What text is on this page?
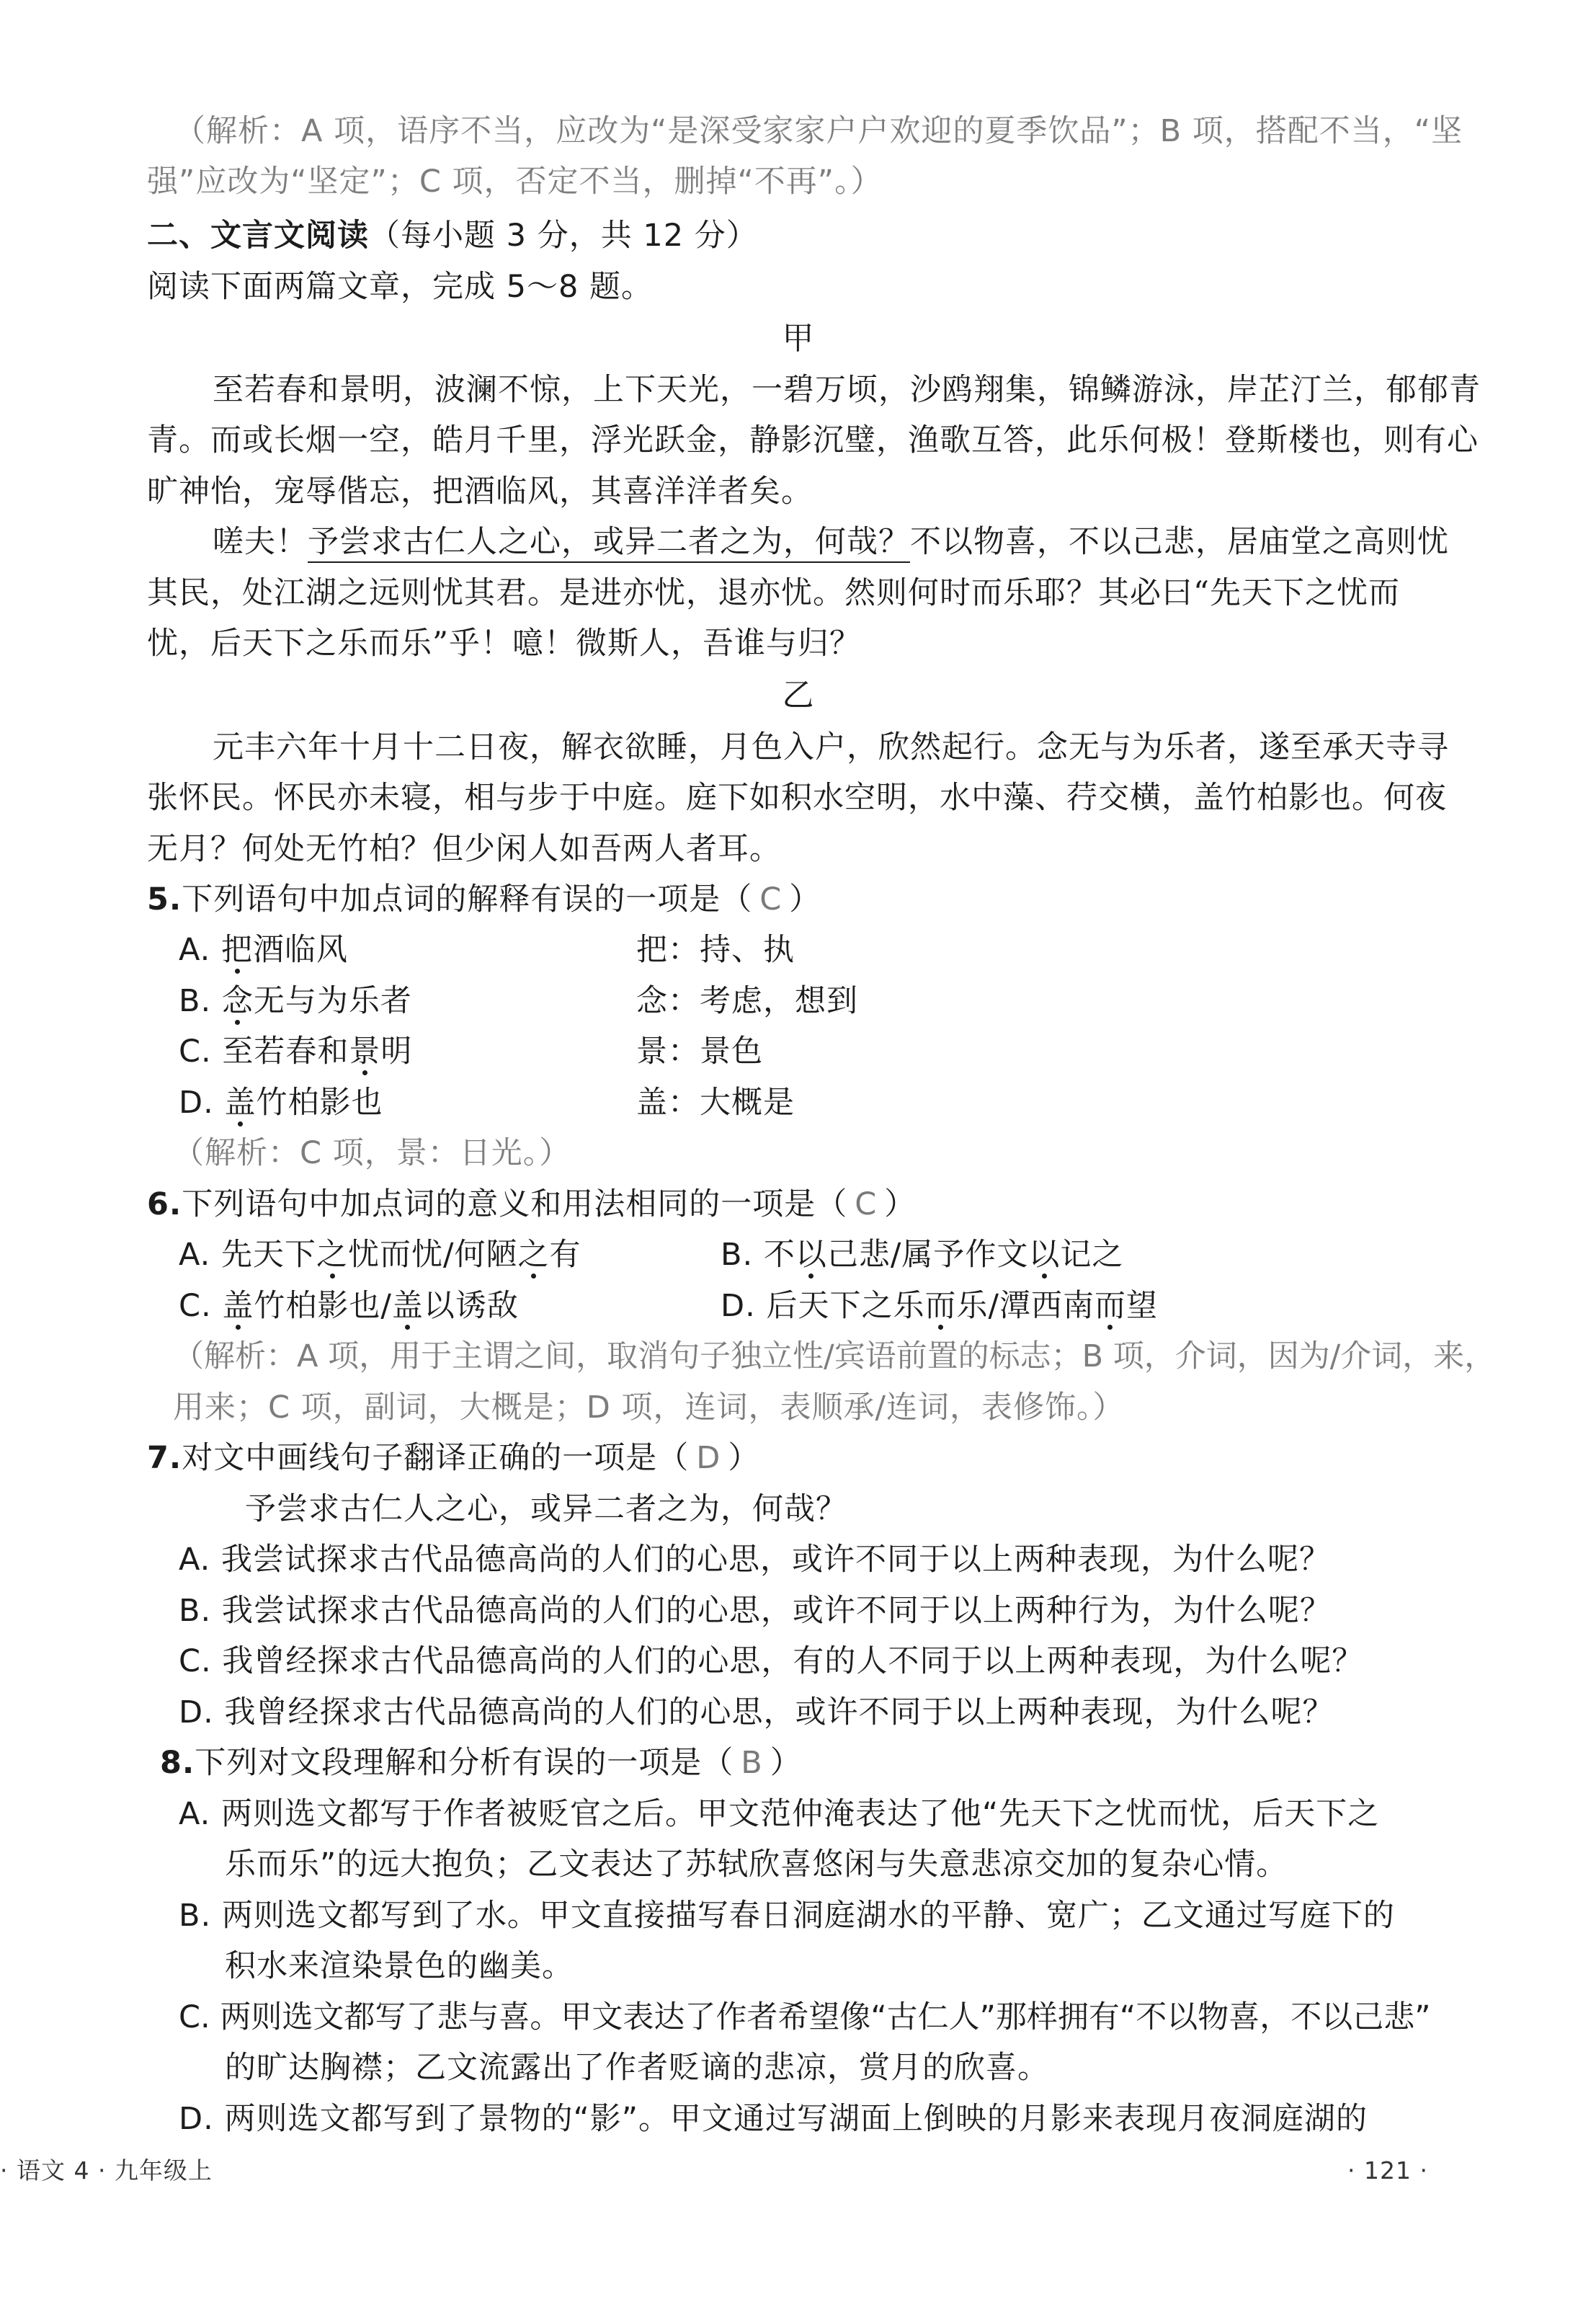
（解析：A 项，语序不当，应改为“是深受家家户户欢迎的夏季饮品”；B 项，搭配不当，“坚
强”应改为“坚定”；C 项，否定不当，删掉“不再”。）
二、文言文阅读（每小题 3 分，共 12 分）
阅读下面两篇文章，完成 5～8 题。
甲
至若春和景明，波澜不惊，上下天光，一碧万顷，沙鸥翔集，锦鳞游泳，岸芷汀兰，郁郁青
青。而或长烟一空，皓月千里，浮光跃金，静影沉璧，渔歌互答，此乐何极！登斯楼也，则有心
旷神怡，宠辱偕忘，把酒临风，其喜洋洋者矣。
嗟夫！予尝求古仁人之心，或异二者之为，何哉？不以物喜，不以己悲，居庙堂之高则忧
其民，处江湖之远则忧其君。是进亦忧，退亦忧。然则何时而乐耶？其必曰“先天下之忧而
忧，后天下之乐而乐”乎！噫！微斯人，吾谁与归？
乙
元丰六年十月十二日夜，解衣欲睡，月色入户，欣然起行。念无与为乐者，遂至承天寺寻
张怀民。怀民亦未寝，相与步于中庭。庭下如积水空明，水中藻、荇交横，盖竹柏影也。何夜
无月？何处无竹柏？但少闲人如吾两人者耳。
5.下列语句中加点词的解释有误的一项是（ C ）
A. 把酒临风	把：持、执
B. 念无与为乐者	念：考虑，想到
C. 至若春和景明	景：景色
D. 盖竹柏影也	盖：大概是
（解析：C 项，景：日光。）
6.下列语句中加点词的意义和用法相同的一项是（ C ）
A. 先天下之忧而忧/何陋之有	B. 不以己悲/属予作文以记之
C. 盖竹柏影也/盖以诱敌	D. 后天下之乐而乐/潭西南而望
（解析：A 项，用于主谓之间，取消句子独立性/宾语前置的标志；B 项，介词，因为/介词，来，
用来；C 项，副词，大概是；D 项，连词，表顺承/连词，表修饰。）
7.对文中画线句子翻译正确的一项是（ D ）
予尝求古仁人之心，或异二者之为，何哉？
A. 我尝试探求古代品德高尚的人们的心思，或许不同于以上两种表现，为什么呢？
B. 我尝试探求古代品德高尚的人们的心思，或许不同于以上两种行为，为什么呢？
C. 我曾经探求古代品德高尚的人们的心思，有的人不同于以上两种表现，为什么呢？
D. 我曾经探求古代品德高尚的人们的心思，或许不同于以上两种表现，为什么呢？
8.下列对文段理解和分析有误的一项是（ B ）
A. 两则选文都写于作者被贬官之后。甲文范仲淹表达了他“先天下之忧而忧，后天下之
乐而乐”的远大抱负；乙文表达了苏轼欣喜悠闲与失意悲凉交加的复杂心情。
B. 两则选文都写到了水。甲文直接描写春日洞庭湖水的平静、宽广；乙文通过写庭下的
积水来渲染景色的幽美。
C. 两则选文都写了悲与喜。甲文表达了作者希望像“古仁人”那样拥有“不以物喜，不以己悲”
的旷达胸襟；乙文流露出了作者贬谪的悲凉，赏月的欣喜。
D. 两则选文都写到了景物的“影”。甲文通过写湖面上倒映的月影来表现月夜洞庭湖的
· 语文 4 · 九年级上	· 121 ·
